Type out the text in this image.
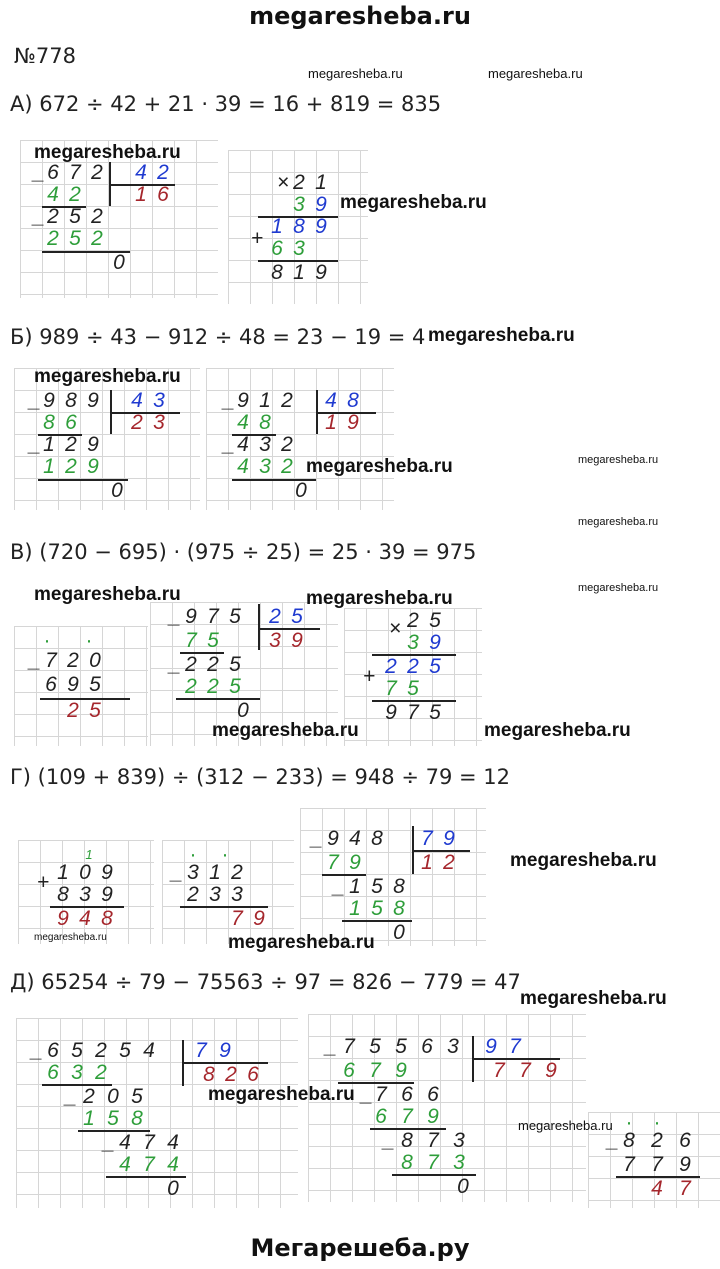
megaresheba.ru
№778
А) 672 ÷ 42 + 21 · 39 = 16 + 819 = 835
Б) 989 ÷ 43 − 912 ÷ 48 = 23 − 19 = 4
В) (720 − 695) · (975 ÷ 25) = 25 · 39 = 975
Г) (109 + 839) ÷ (312 − 233) = 948 ÷ 79 = 12
Д) 65254 ÷ 79 − 75563 ÷ 97 = 826 − 779 = 47
_ 6 7 2 4 2
4 2	1 6
_ 2 5 2
2 5 2
0
× 2 1
3 9
+
1 8 9
6 3
8 1 9
_ 9 8 9 4 3
8 6	2 3
_ 1 2 9
1 2 9
0
_ 9 1 2 4 8
4 8	1 9
_ 4 3 2
4 3 2
0
·	·
_ 7 2 0
6 9 5
2 5
_ 9 7 5 2 5
7 5 3 9
_ 2 2 5
2 2 5
0
× 2 5
3 9
+ 2 2 5
7 5
9 7 5
1
+ 1 0 9
8 3 9
9 4 8
·	·
_ 3 1 2
2 3 3
7 9
_ 9 4 8 7 9
7 9	1 2
_ 1 5 8
1 5 8
0
_ 6 5 2 5 4 7 9
6 3 2	8 2 6
_ 2 0 5
1 5 8
_ 4 7 4
4 7 4
0
_ 7 5 5 6 3 9 7
6 7 9	7 7 9
_ 7 6 6
6 7 9
_ 8 7 3
8 7 3
0
·	·
_ 8 2 6
7 7 9
4 7
megaresheba.ru	megaresheba.ru
megaresheba.ru
megaresheba.ru
megaresheba.ru
megaresheba.ru
megaresheba.ru	megaresheba.ru
megaresheba.ru
megaresheba.ru
megaresheba.ru	megaresheba.ru
megaresheba.ru	megaresheba.ru
megaresheba.ru
megaresheba.ru	megaresheba.ru
megaresheba.ru
megaresheba.ru
megaresheba.ru
Мегарешеба.ру
